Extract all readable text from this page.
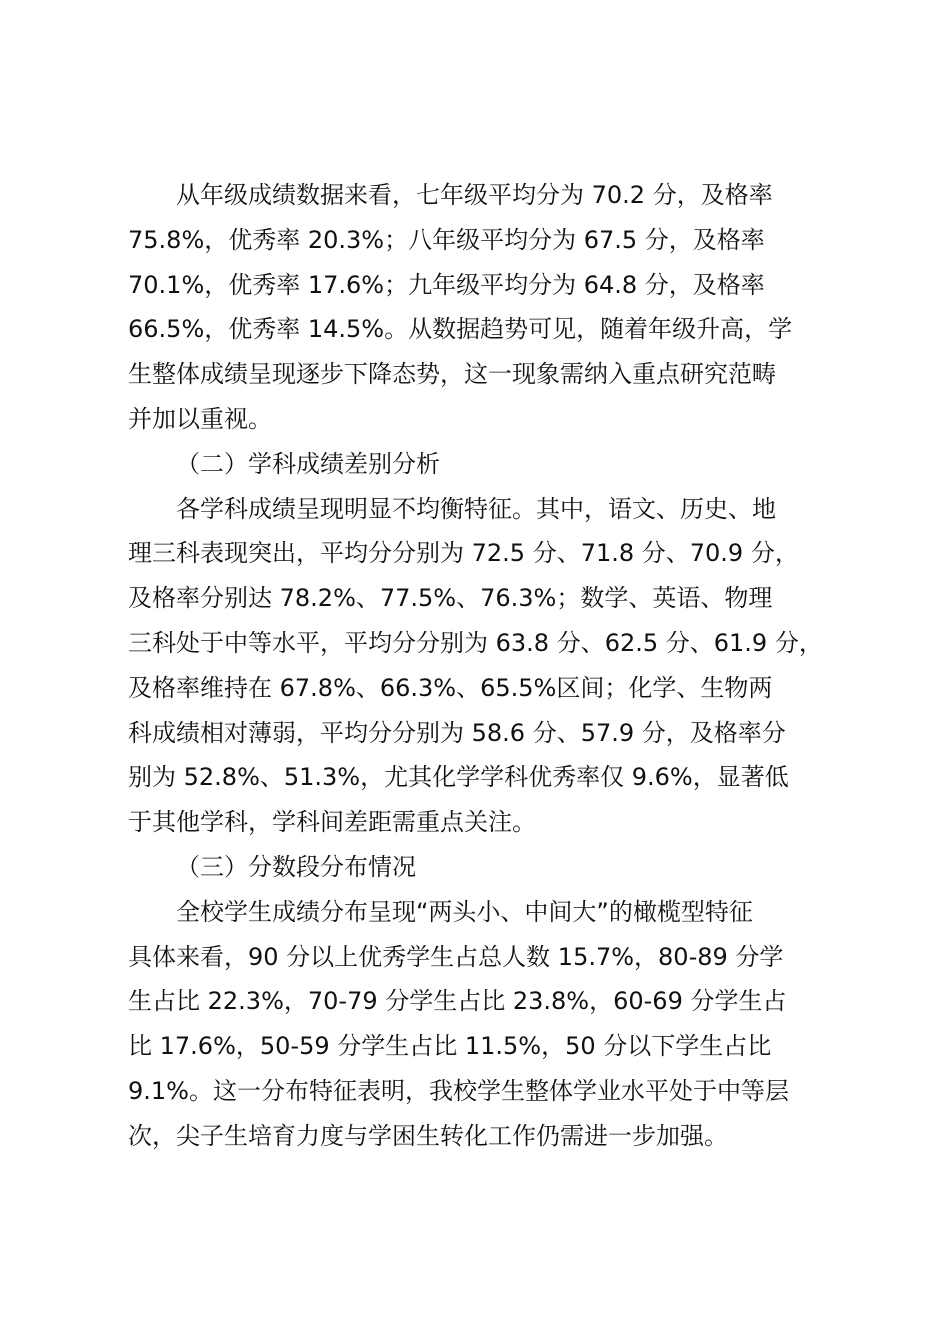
从年级成绩数据来看，七年级平均分为 70.2 分，及格率
75.8%，优秀率 20.3%；八年级平均分为 67.5 分，及格率
70.1%，优秀率 17.6%；九年级平均分为 64.8 分，及格率
66.5%，优秀率 14.5%。从数据趋势可见，随着年级升高，学
生整体成绩呈现逐步下降态势，这一现象需纳入重点研究范畴
并加以重视。
（二）学科成绩差别分析
各学科成绩呈现明显不均衡特征。其中，语文、历史、地
理三科表现突出，平均分分别为 72.5 分、71.8 分、70.9 分，
及格率分别达 78.2%、77.5%、76.3%；数学、英语、物理
三科处于中等水平，平均分分别为 63.8 分、62.5 分、61.9 分，
及格率维持在 67.8%、66.3%、65.5%区间；化学、生物两
科成绩相对薄弱，平均分分别为 58.6 分、57.9 分，及格率分
别为 52.8%、51.3%，尤其化学学科优秀率仅 9.6%，显著低
于其他学科，学科间差距需重点关注。
（三）分数段分布情况
全校学生成绩分布呈现“两头小、中间大”的橄榄型特征
具体来看，90 分以上优秀学生占总人数 15.7%，80-89 分学
生占比 22.3%，70-79 分学生占比 23.8%，60-69 分学生占
比 17.6%，50-59 分学生占比 11.5%，50 分以下学生占比
9.1%。这一分布特征表明，我校学生整体学业水平处于中等层
次，尖子生培育力度与学困生转化工作仍需进一步加强。
